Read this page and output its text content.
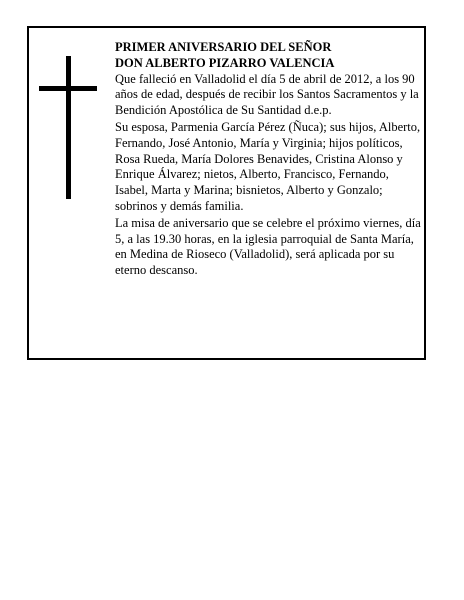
PRIMER ANIVERSARIO DEL SEÑOR

DON ALBERTO PIZARRO VALENCIA

Que falleció en Valladolid el día 5 de abril de 2012, a los 90 años de edad, después de recibir los Santos Sacramentos y la Bendición Apostólica de Su Santidad d.e.p.

Su esposa, Parmenia García Pérez (Ñuca); sus hijos, Alberto, Fernando, José Antonio, María y Virginia; hijos políticos, Rosa Rueda, María Dolores Benavides, Cristina Alonso y Enrique Álvarez; nietos, Alberto, Francisco, Fernando, Isabel, Marta y Marina; bisnietos, Alberto y Gonzalo; sobrinos y demás familia.

La misa de aniversario que se celebre el próximo viernes, día 5, a las 19.30 horas, en la iglesia parroquial de Santa María, en Medina de Rioseco (Valladolid), será aplicada por su eterno descanso.
